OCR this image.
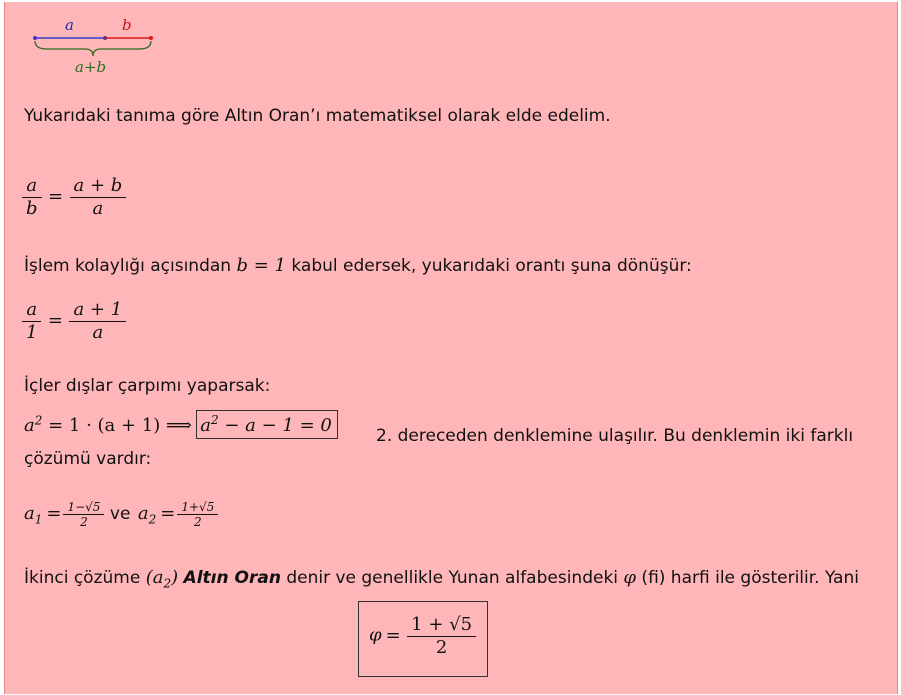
a	b
a+b
Yukarıdaki tanıma göre Altın Oran’ı matematiksel olarak elde edelim.
$\frac{a}{b} = \frac{a + b}{a}$
İşlem kolaylığı açısından b = 1 kabul edersek, yukarıdaki orantı şuna dönüşür:
$\frac{a}{1} = \frac{a + 1}{a}$
İçler dışlar çarpımı yaparsak:
$a^2 = 1 \cdot (a + 1)$ ⟹ $a^2 - a - 1 = 0$	2. dereceden denklemine ulaşılır. Bu denklemin iki farklı
çözümü vardır:
$a_1 = \frac{1-√5}{2}$ ve $a_2 = \frac{1+√5}{2}$
İkinci çözüme $(a_2)$ Altın Oran denir ve genellikle Yunan alfabesindeki φ (fi) harfi ile gösterilir. Yani
$\varphi = \frac{1 + √5}{2}$
